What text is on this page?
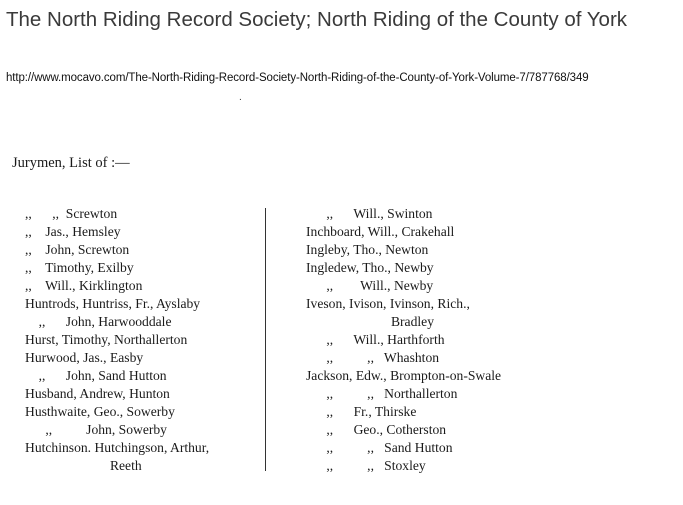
The North Riding Record Society; North Riding of the County of York
http://www.mocavo.com/The-North-Riding-Record-Society-North-Riding-of-the-County-of-York-Volume-7/787768/349
.
Jurymen, List of :—
,,      ,,  Screwton
,,    Jas., Hemsley
,,    John, Screwton
,,    Timothy, Exilby
,,    Will., Kirklington
Huntrods, Huntriss, Fr., Ayslaby
,,      John, Harwooddale
Hurst, Timothy, Northallerton
Hurwood, Jas., Easby
,,      John, Sand Hutton
Husband, Andrew, Hunton
Husthwaite, Geo., Sowerby
,,          John, Sowerby
Hutchinson. Hutchingson, Arthur,
Reeth
,,      Will., Swinton
Inchboard, Will., Crakehall
Ingleby, Tho., Newton
Ingledew, Tho., Newby
,,        Will., Newby
Iveson, Ivison, Ivinson, Rich.,
Bradley
,,      Will., Harthforth
,,          ,,   Whashton
Jackson, Edw., Brompton-on-Swale
,,          ,,   Northallerton
,,      Fr., Thirske
,,      Geo., Cotherston
,,          ,,   Sand Hutton
,,          ,,   Stoxley
